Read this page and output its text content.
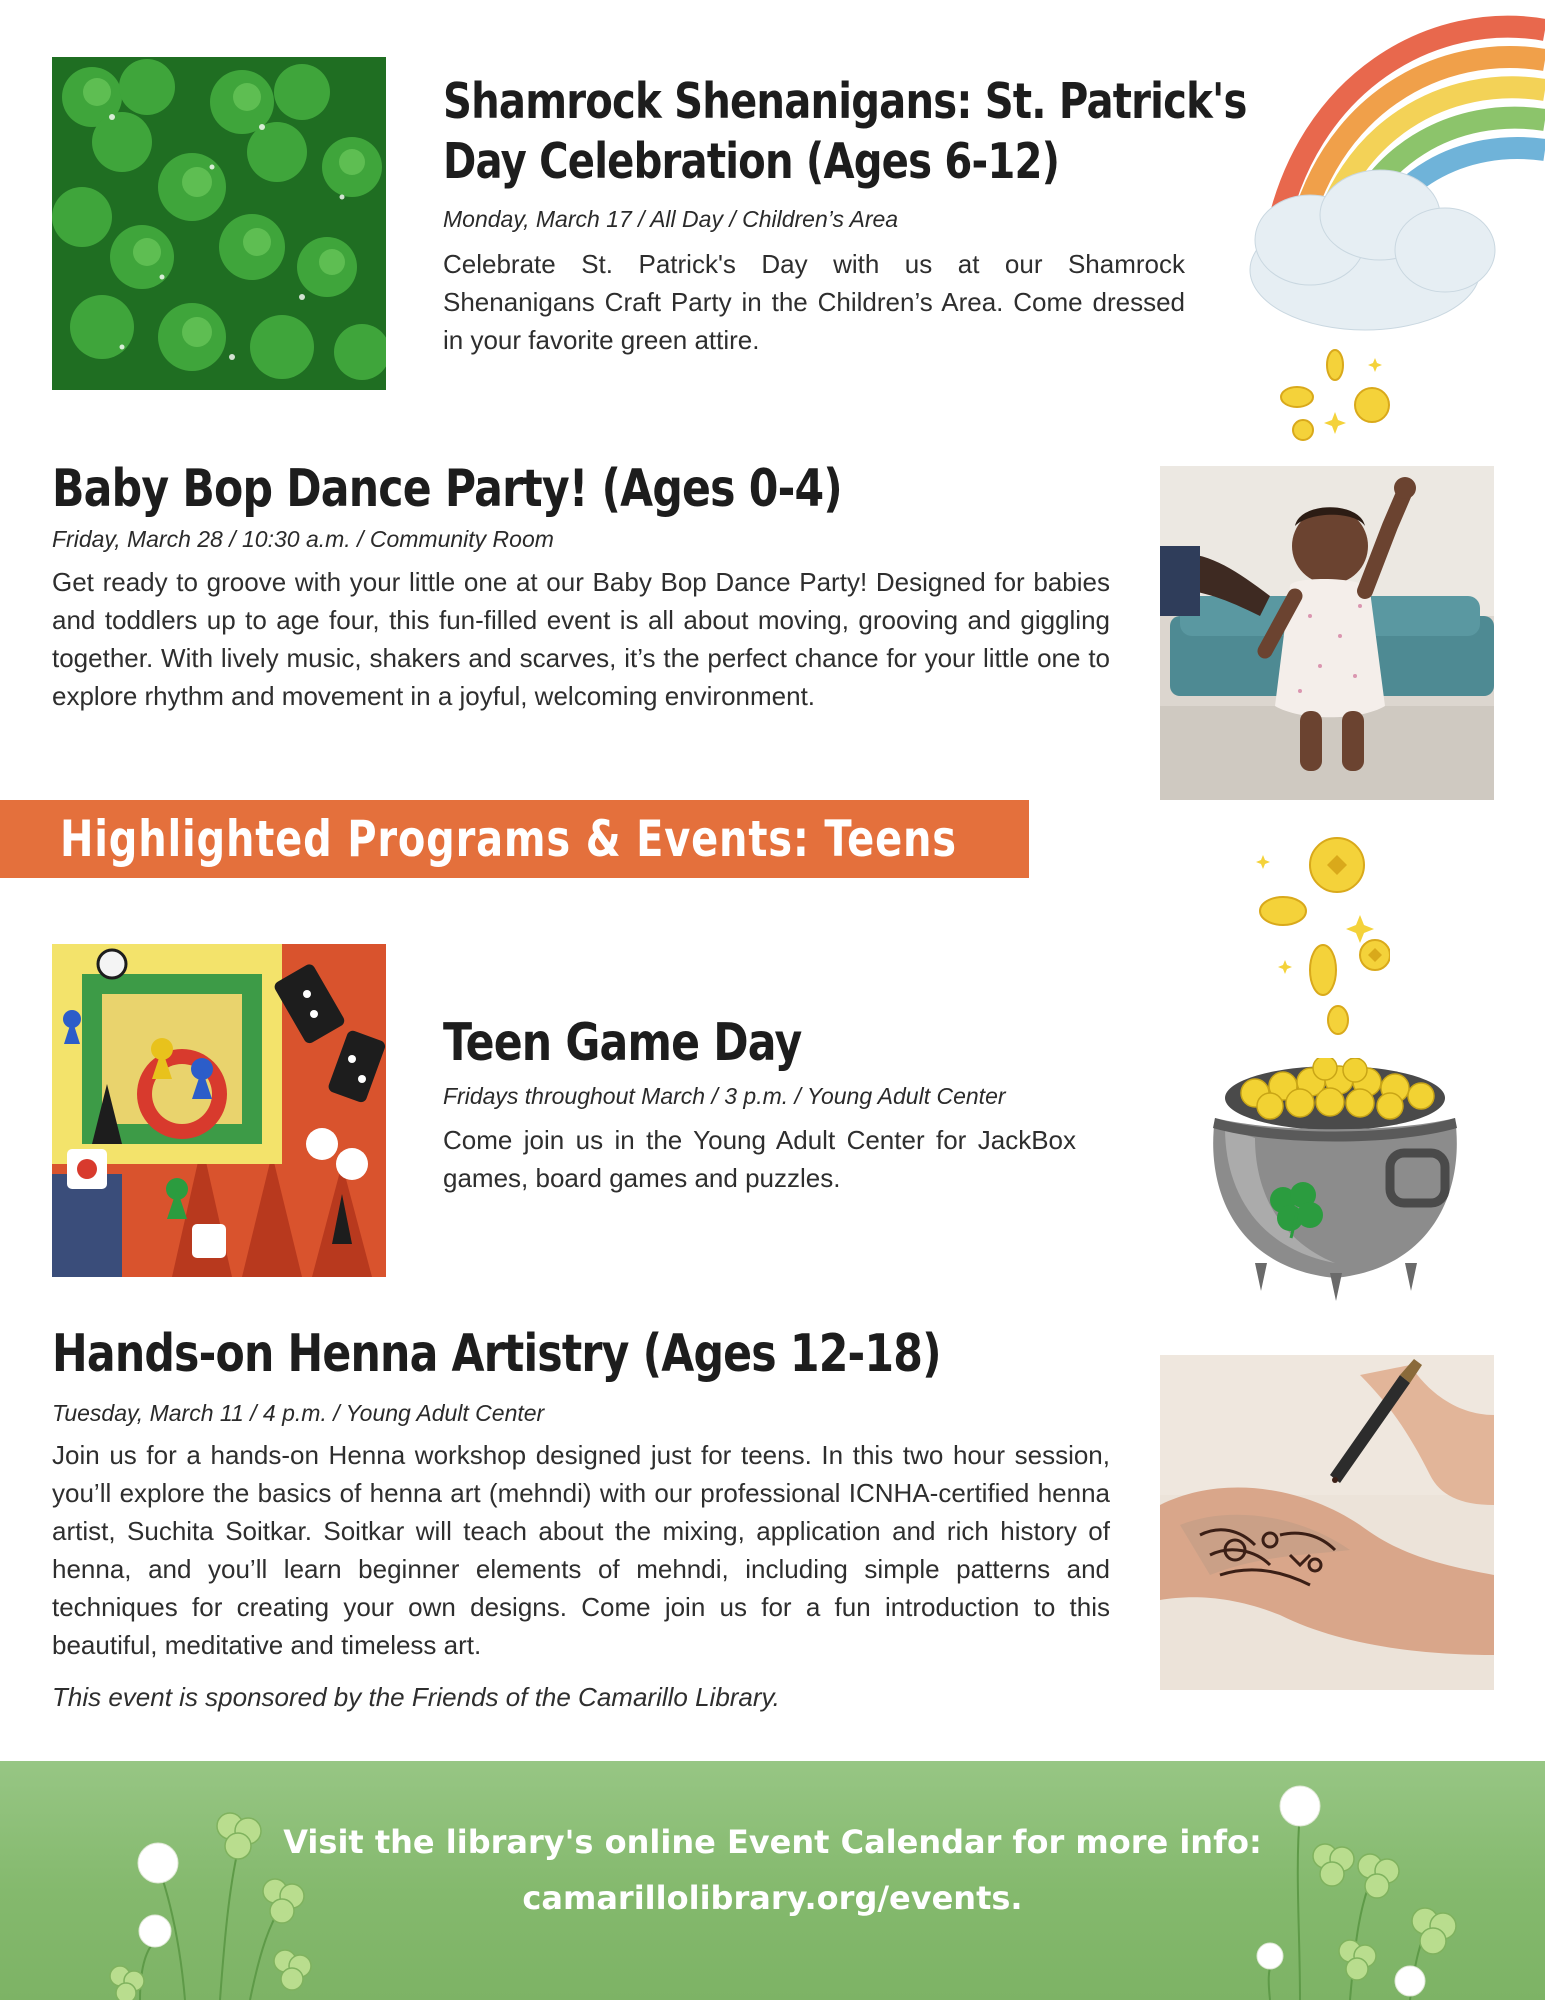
Shamrock Shenanigans: St. Patrick's
Day Celebration (Ages 6-12)
Monday, March 17 / All Day / Children’s Area
Celebrate St. Patrick's Day with us at our Shamrock Shenanigans Craft Party in the Children’s Area. Come dressed in your favorite green attire.
Baby Bop Dance Party! (Ages 0-4)
Friday, March 28 / 10:30 a.m. / Community Room
Get ready to groove with your little one at our Baby Bop Dance Party! Designed for babies and toddlers up to age four, this fun-filled event is all about moving, grooving and giggling together. With lively music, shakers and scarves, it’s the perfect chance for your little one to explore rhythm and movement in a joyful, welcoming environment.
Highlighted Programs & Events: Teens
Teen Game Day
Fridays throughout March / 3 p.m. / Young Adult Center
Come join us in the Young Adult Center for JackBox games, board games and puzzles.
Hands-on Henna Artistry (Ages 12-18)
Tuesday, March 11 / 4 p.m. / Young Adult Center
Join us for a hands-on Henna workshop designed just for teens. In this two hour session, you’ll explore the basics of henna art (mehndi) with our professional ICNHA-certified henna artist, Suchita Soitkar. Soitkar will teach about the mixing, application and rich history of henna, and you’ll learn beginner elements of mehndi, including simple patterns and techniques for creating your own designs. Come join us for a fun introduction to this beautiful, meditative and timeless art.
This event is sponsored by the Friends of the Camarillo Library.
Visit the library's online Event Calendar for more info:
camarillolibrary.org/events.
